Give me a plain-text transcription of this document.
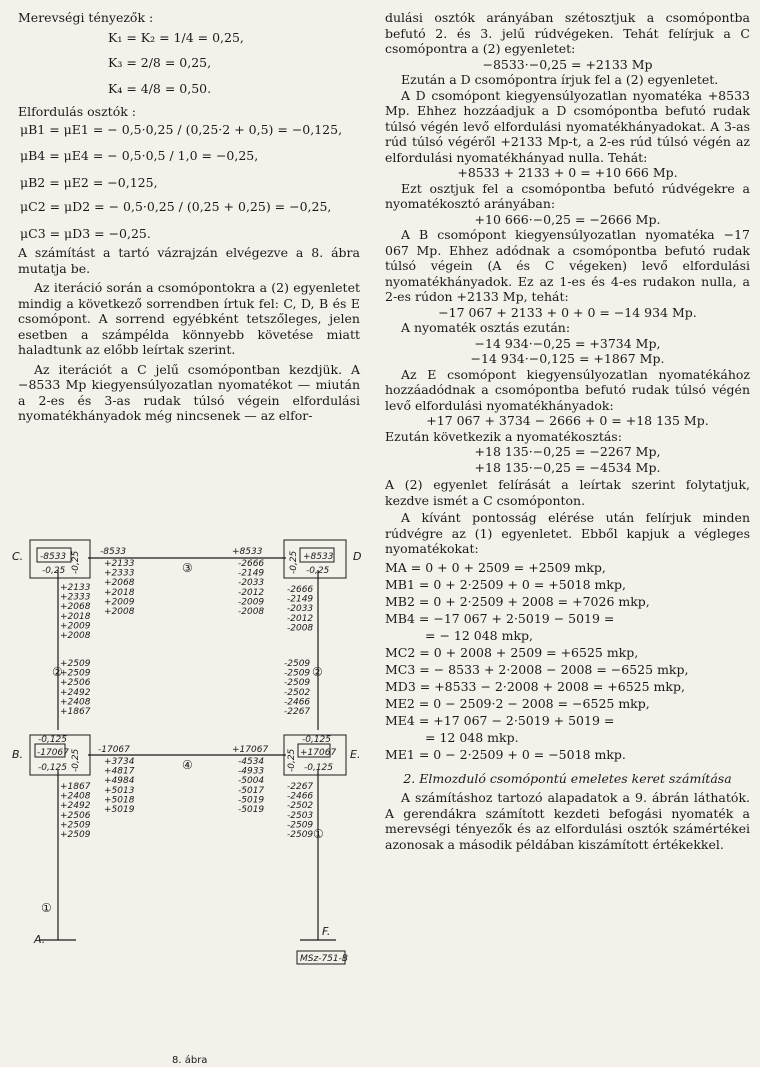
Merevségi tényezők :

K₁ = K₂ = 1/4 = 0,25,

K₃ = 2/8 = 0,25,

K₄ = 4/8 = 0,50.

Elfordulás osztók :

μB1 = μE1 = − 0,5·0,25 / (0,25·2 + 0,5) = −0,125,

μB4 = μE4 = − 0,5·0,5 / 1,0 = −0,25,

μB2 = μE2 = −0,125,

μC2 = μD2 = − 0,5·0,25 / (0,25 + 0,25) = −0,25,

μC3 = μD3 = −0,25.

A számítást a tartó vázrajzán elvégezve a 8. ábra mutatja be.

Az iteráció során a csomópontokra a (2) egyenletet mindig a következő sorrendben írtuk fel: C, D, B és E csomópont. A sorrend egyébként tetszőleges, jelen esetben a számpélda könnyebb követése miatt haladtunk az előbb leírtak szerint.

Az iterációt a C jelű csomópontban kezdjük. A −8533 Mp kiegyensúlyozatlan nyomatékot — miután a 2-es és 3-as rudak túlsó végein elfordulási nyomatékhányadok még nincsenek — az elfor-

C.	D
B.	E.
A.
F.
③
②	②
④
①
①
-8533
-0,25 -0,25	+8533
-0,25
-0,25
-0,125
-17067
-0,125 -0,25
-0,125
+17067
-0,125
-0,25
8. ábra
MSz-751-B
-8533
+2133
+2333
+2068
+2018
+2009
+2008
+8533
-2666
-2149
-2033
-2012
-2009
-2008
+2133
+2333
+2068
+2018
+2009
+2008
-2666
-2149
-2033
-2012
-2008
+2509
+2509
+2506
+2492
+2408
+1867
-2509
-2509
-2509
-2502
-2466
-2267
-17067
+3734
+4817
+4984
+5013
+5018
+5019
+17067
-4534
-4933
-5004
-5017
-5019
-5019
+1867
+2408
+2492
+2506
+2509
+2509
-2267
-2466
-2502
-2503
-2509
-2509

dulási osztók arányában szétosztjuk a csomópontba befutó 2. és 3. jelű rúdvégeken. Tehát felírjuk a C csomópontra a (2) egyenletet:

−8533·−0,25 = +2133 Mp

Ezután a D csomópontra írjuk fel a (2) egyenletet.

A D csomópont kiegyensúlyozatlan nyomatéka +8533 Mp. Ehhez hozzáadjuk a D csomópontba befutó rudak túlsó végén levő elfordulási nyomatékhányadokat. A 3-as rúd túlsó végéről +2133 Mp-t, a 2-es rúd túlsó végén az elfordulási nyomatékhányad nulla. Tehát:

+8533 + 2133 + 0 = +10 666 Mp.

Ezt osztjuk fel a csomópontba befutó rúdvégekre a nyomatékosztó arányában:

+10 666·−0,25 = −2666 Mp.

A B csomópont kiegyensúlyozatlan nyomatéka −17 067 Mp. Ehhez adódnak a csomópontba befutó rudak túlsó végein (A és C végeken) levő elfordulási nyomatékhányadok. Ez az 1-es és 4-es rudakon nulla, a 2-es rúdon +2133 Mp, tehát:

−17 067 + 2133 + 0 + 0 = −14 934 Mp.

A nyomaték osztás ezután:

−14 934·−0,25 = +3734 Mp,

−14 934·−0,125 = +1867 Mp.

Az E csomópont kiegyensúlyozatlan nyomatékához hozzáadódnak a csomópontba befutó rudak túlsó végén levő elfordulási nyomatékhányadok:

+17 067 + 3734 − 2666 + 0 = +18 135 Mp.

Ezután következik a nyomatékosztás:

+18 135·−0,25 = −2267 Mp,

+18 135·−0,25 = −4534 Mp.

A (2) egyenlet felírását a leírtak szerint folytatjuk, kezdve ismét a C csomóponton.

A kívánt pontosság elérése után felírjuk minden rúdvégre az (1) egyenletet. Ebből kapjuk a végleges nyomatékokat:

MA = 0 + 0 + 2509 = +2509 mkp,

MB1 = 0 + 2·2509 + 0 = +5018 mkp,

MB2 = 0 + 2·2509 + 2008 = +7026 mkp,

MB4 = −17 067 + 2·5019 − 5019 =

= − 12 048 mkp,

MC2 = 0 + 2008 + 2509 = +6525 mkp,

MC3 = − 8533 + 2·2008 − 2008 = −6525 mkp,

MD3 = +8533 − 2·2008 + 2008 = +6525 mkp,

ME2 = 0 − 2509·2 − 2008 = −6525 mkp,

ME4 = +17 067 − 2·5019 + 5019 =

= 12 048 mkp.

ME1 = 0 − 2·2509 + 0 = −5018 mkp.

2. Elmozduló csomópontú emeletes keret számítása

A számításhoz tartozó alapadatok a 9. ábrán láthatók. A gerendákra számított kezdeti befogási nyomaték a merevségi tényezők és az elfordulási osztók számértékei azonosak a második példában kiszámított értékekkel.
